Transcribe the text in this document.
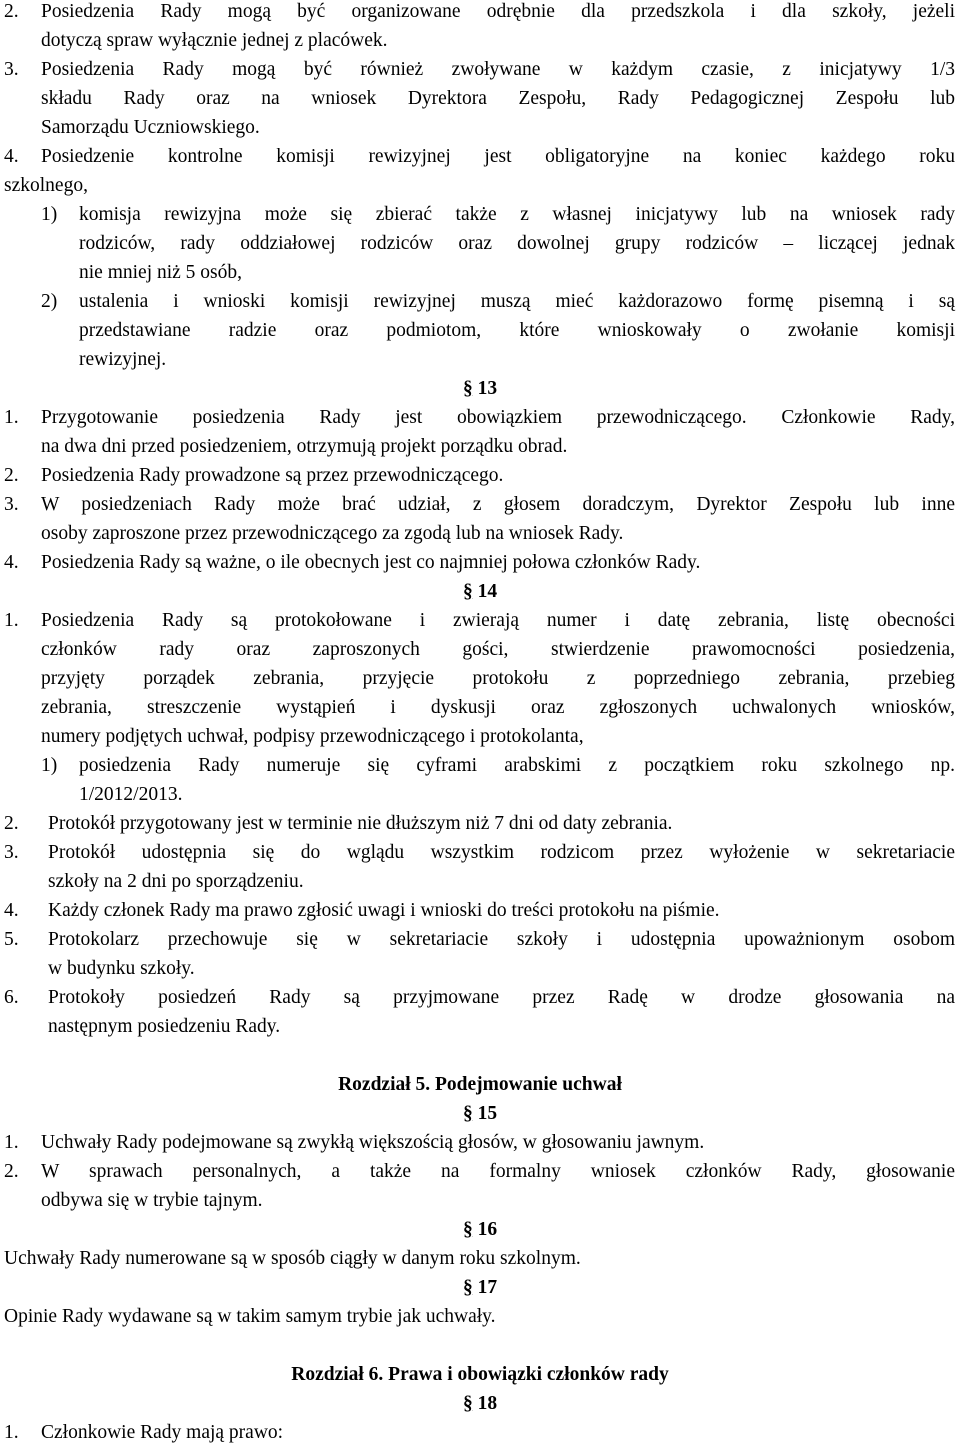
2. Posiedzenia Rady mogą być organizowane odrębnie dla przedszkola i dla szkoły, jeżeli
dotyczą spraw wyłącznie jednej z placówek.
3. Posiedzenia Rady mogą być również zwoływane w każdym czasie, z inicjatywy 1/3
składu Rady oraz na wniosek Dyrektora Zespołu, Rady Pedagogicznej Zespołu lub
Samorządu Uczniowskiego.
4. Posiedzenie kontrolne komisji rewizyjnej jest obligatoryjne na koniec każdego roku
szkolnego,
1) komisja rewizyjna może się zbierać także z własnej inicjatywy lub na wniosek rady
rodziców, rady oddziałowej rodziców oraz dowolnej grupy rodziców – liczącej jednak
nie mniej niż 5 osób,
2) ustalenia i wnioski komisji rewizyjnej muszą mieć każdorazowo formę pisemną i są
przedstawiane radzie oraz podmiotom, które wnioskowały o zwołanie komisji
rewizyjnej.
§ 13
1. Przygotowanie posiedzenia Rady jest obowiązkiem przewodniczącego. Członkowie Rady,
na dwa dni przed posiedzeniem, otrzymują projekt porządku obrad.
2. Posiedzenia Rady prowadzone są przez przewodniczącego.
3. W posiedzeniach Rady może brać udział, z głosem doradczym, Dyrektor Zespołu lub inne
osoby zaproszone przez przewodniczącego za zgodą lub na wniosek Rady.
4. Posiedzenia Rady są ważne, o ile obecnych jest co najmniej połowa członków Rady.
§ 14
1. Posiedzenia Rady są protokołowane i zwierają numer i datę zebrania, listę obecności
członków rady oraz zaproszonych gości, stwierdzenie prawomocności posiedzenia,
przyjęty porządek zebrania, przyjęcie protokołu z poprzedniego zebrania, przebieg
zebrania, streszczenie wystąpień i dyskusji oraz zgłoszonych uchwalonych wniosków,
numery podjętych uchwał, podpisy przewodniczącego i protokolanta,
1) posiedzenia Rady numeruje się cyframi arabskimi z początkiem roku szkolnego np.
1/2012/2013.
2. Protokół przygotowany jest w terminie nie dłuższym niż 7 dni od daty zebrania.
3. Protokół udostępnia się do wglądu wszystkim rodzicom przez wyłożenie w sekretariacie
szkoły na 2 dni po sporządzeniu.
4. Każdy członek Rady ma prawo zgłosić uwagi i wnioski do treści protokołu na piśmie.
5. Protokolarz przechowuje się w sekretariacie szkoły i udostępnia upoważnionym osobom
w budynku szkoły.
6. Protokoły posiedzeń Rady są przyjmowane przez Radę w drodze głosowania na
następnym posiedzeniu Rady.
Rozdział 5. Podejmowanie uchwał
§ 15
1. Uchwały Rady podejmowane są zwykłą większością głosów, w głosowaniu jawnym.
2. W sprawach personalnych, a także na formalny wniosek członków Rady, głosowanie
odbywa się w trybie tajnym.
§ 16
Uchwały Rady numerowane są w sposób ciągły w danym roku szkolnym.
§ 17
Opinie Rady wydawane są w takim samym trybie jak uchwały.
Rozdział 6. Prawa i obowiązki członków rady
§ 18
1. Członkowie Rady mają prawo:
